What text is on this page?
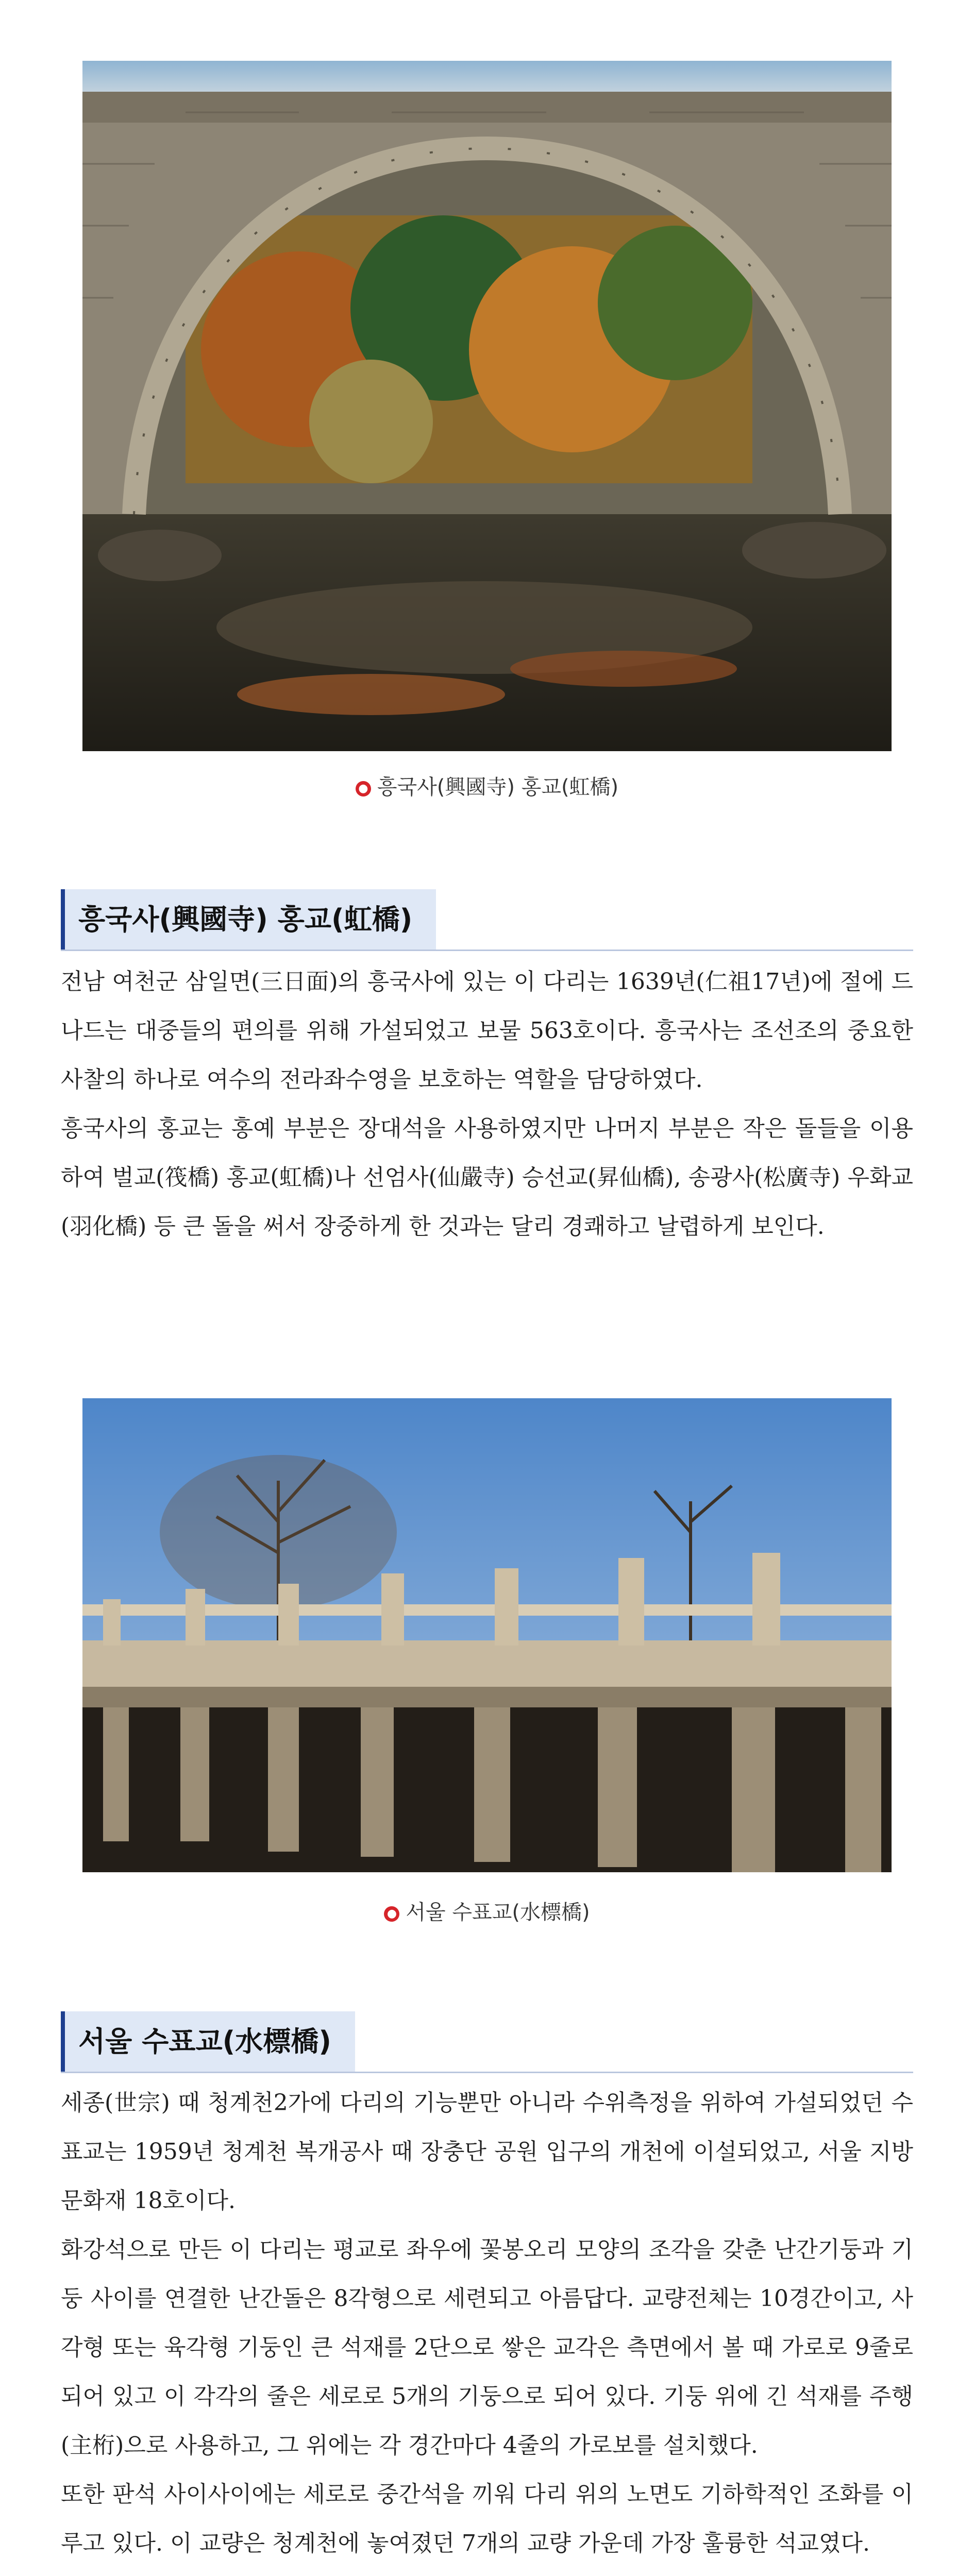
● 흥국사(興國寺) 홍교(虹橋)
흥국사(興國寺) 홍교(虹橋)

전남 여천군 삼일면(三日面)의 흥국사에 있는 이 다리는 1639년(仁祖17년)에 절에 드나드는 대중들의 편의를 위해 가설되었고 보물 563호이다. 흥국사는 조선조의 중요한 사찰의 하나로 여수의 전라좌수영을 보호하는 역할을 담당하였다.

흥국사의 홍교는 홍예 부분은 장대석을 사용하였지만 나머지 부분은 작은 돌들을 이용하여 벌교(筏橋) 홍교(虹橋)나 선엄사(仙嚴寺) 승선교(昇仙橋), 송광사(松廣寺) 우화교(羽化橋) 등 큰 돌을 써서 장중하게 한 것과는 달리 경쾌하고 날렵하게 보인다.

● 서울 수표교(水標橋)
서울 수표교(水標橋)

세종(世宗) 때 청계천2가에 다리의 기능뿐만 아니라 수위측정을 위하여 가설되었던 수표교는 1959년 청계천 복개공사 때 장충단 공원 입구의 개천에 이설되었고, 서울 지방문화재 18호이다.

화강석으로 만든 이 다리는 평교로 좌우에 꽃봉오리 모양의 조각을 갖춘 난간기둥과 기둥 사이를 연결한 난간돌은 8각형으로 세련되고 아름답다. 교량전체는 10경간이고, 사각형 또는 육각형 기둥인 큰 석재를 2단으로 쌓은 교각은 측면에서 볼 때 가로로 9줄로 되어 있고 이 각각의 줄은 세로로 5개의 기둥으로 되어 있다. 기둥 위에 긴 석재를 주행(主桁)으로 사용하고, 그 위에는 각 경간마다 4줄의 가로보를 설치했다.

또한 판석 사이사이에는 세로로 중간석을 끼워 다리 위의 노면도 기하학적인 조화를 이루고 있다. 이 교량은 청계천에 놓여졌던 7개의 교량 가운데 가장 훌륭한 석교였다.
